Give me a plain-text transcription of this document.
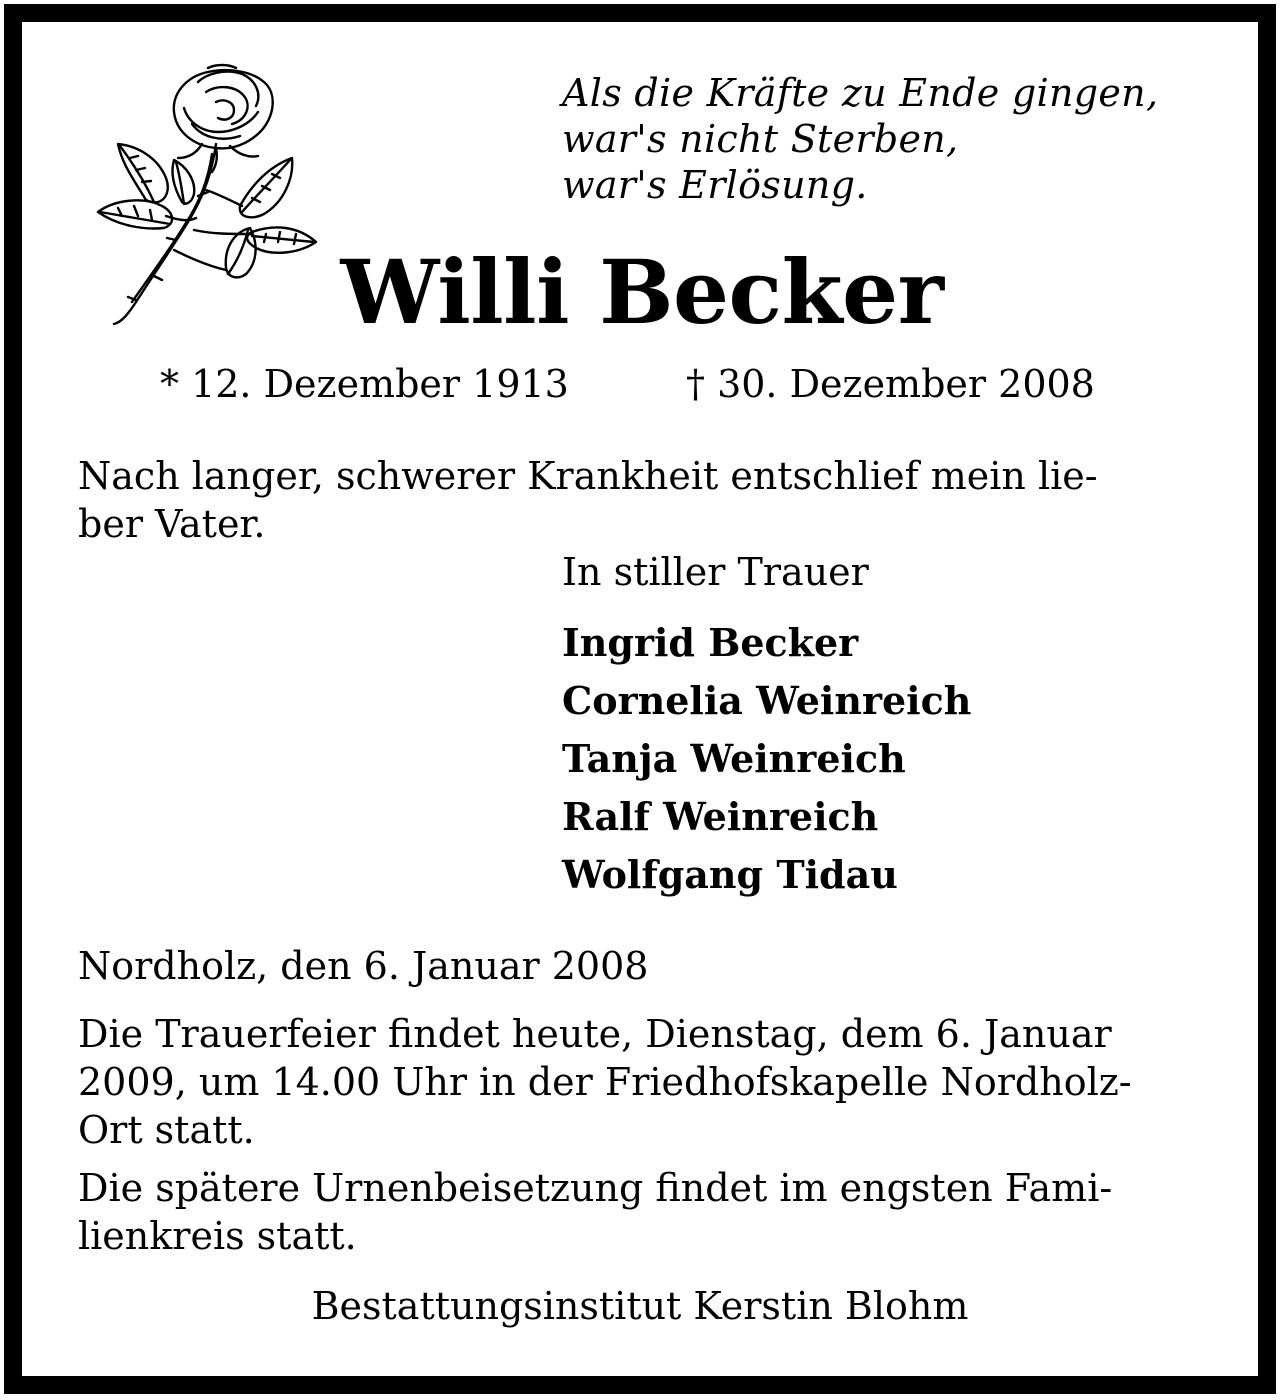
Als die Kräfte zu Ende gingen,
war's nicht Sterben,
war's Erlösung.
Willi Becker
* 12. Dezember 1913	† 30. Dezember 2008
Nach langer, schwerer Krankheit entschlief mein lie-
ber Vater.
In stiller Trauer
Ingrid Becker
Cornelia Weinreich
Tanja Weinreich
Ralf Weinreich
Wolfgang Tidau
Nordholz, den 6. Januar 2008
Die Trauerfeier findet heute, Dienstag, dem 6. Januar
2009, um 14.00 Uhr in der Friedhofskapelle Nordholz-
Ort statt.
Die spätere Urnenbeisetzung findet im engsten Fami-
lienkreis statt.
Bestattungsinstitut Kerstin Blohm
